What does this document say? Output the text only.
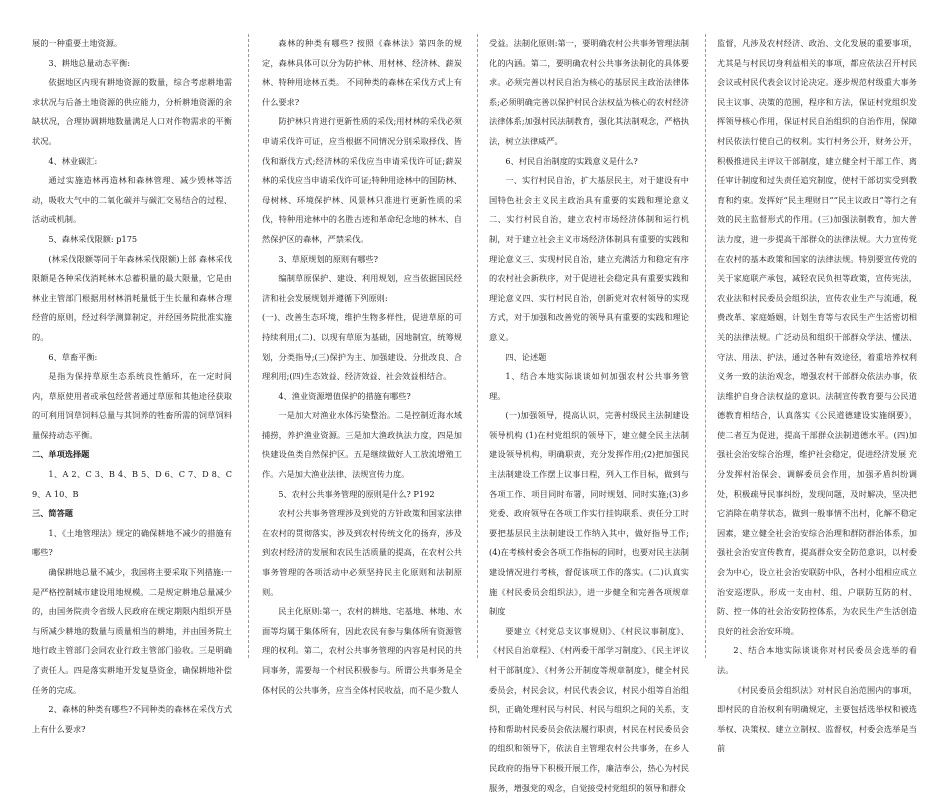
展的一种重要土地资源。

3、耕地总量动态平衡:

依据地区内现有耕地资源的数量，综合考虑耕地需求状况与后备土地资源的供应能力，分析耕地资源的余缺状况，合理协调耕地数量满足人口对作物需求的平衡状况。

4、林业碳汇:

通过实施造林再造林和森林管理、减少毁林等活动，吸收大气中的二氧化碳并与碳汇交易结合的过程、活动或机制。

5、森林采伐限额: p175

(林采伐限额等同于年森林采伐限额)上部 森林采伐限额是各种采伐消耗林木总蓄积量的最大限量，它是由林业主管部门根据用材林消耗量低于生长量和森林合理经营的原则，经过科学测算制定，并经国务院批准实施的。

6、草畜平衡:

是指为保持草原生态系统良性循环，在一定时间内，草原使用者或承包经营者通过草原和其他途径获取的可利用饲草饲料总量与其饲养的牲畜所需的饲草饲料量保持动态平衡。

二、单项选择题

1、A 2、C 3、B 4、B 5、D 6、C 7、D 8、C 9、A 10、B

三、简答题

1、《土地管理法》规定的确保耕地不减少的措施有哪些?

确保耕地总量不减少，我国将主要采取下列措施:一是严格控制城市建设用地规模。二是规定耕地总量减少的，由国务院责令省级人民政府在规定期限内组织开垦与所减少耕地的数量与质量相当的耕地，并由国务院土地行政主管部门会同农业行政主管部门验收。三是明确了责任人。四是落实耕地开发复垦资金，确保耕地补偿任务的完成。

2、森林的种类有哪些?不同种类的森林在采伐方式上有什么要求?

森林的种类有哪些? 按照《森林法》第四条的规定，森林具体可以分为防护林、用材林、经济林、薪炭林、特种用途林五类。 不同种类的森林在采伐方式上有什么要求?

防护林只肯进行更新性质的采伐;用材林的采伐必须申请采伐许可证，应当根据不同情况分别采取择伐、皆伐和渐伐方式;经济林的采伐应当申请采伐许可证;薪炭林的采伐应当申请采伐许可证;特种用途林中的国防林、母树林、环境保护林、风景林只准进行更新性质的采伐，特种用途林中的名胜古迹和革命纪念地的林木、自然保护区的森林，严禁采伐。

3、草原规划的原则有哪些?

编制草原保护、建设、利用规划，应当依据国民经济和社会发展规划并遵循下列原则:

(一)、改善生态环境，维护生物多样性，促进草原的可持续利用;(二)、以现有草原为基础，因地制宜，统筹规划，分类指导;(三)保护为主、加强建设、分批改良、合理利用;(四)生态效益、经济效益、社会效益相结合。

4、渔业资源增值保护的措施有哪些?

一是加大对渔业水体污染整治。二是控制近海水域捕捞，养护渔业资源。三是加大渔政执法力度，四是加快建设鱼类自然保护区。五是继续做好人工放流增殖工作。六是加大渔业法律、法规宣传力度。

5、农村公共事务管理的原则是什么? P192

农村公共事务管理涉及到党的方针政策和国家法律在农村的贯彻落实，涉及到农村传统文化的扬弃，涉及到农村经济的发展和农民生活质量的提高，在农村公共事务管理的各项活动中必须坚持民主化原则和法制原则。

民主化原则:第一，农村的耕地、宅基地、林地、水面等均属于集体所有，因此农民有参与集体所有资源管理的权利。第二，农村公共事务管理的内容是村民的共同事务，需要每一个村民积极参与。所谓公共事务是全体村民的公共事务，应当全体村民收益，而不是少数人

受益。法制化原则:第一，要明确农村公共事务管理法制化的内涵。第二，要明确农村公共事务法制化的具体要求。必须完善以村民自治为核心的基层民主政治法律体系;必须明确完善以保护村民合法权益为核心的农村经济法律体系;加强村民法制教育，强化其法制观念，严格执法，树立法律威严。

6、村民自治制度的实践意义是什么?

一、实行村民自治，扩大基层民主，对于建设有中国特色社会主义民主政治具有重要的实践和理论意义二、实行村民自治，建立农村市场经济体制和运行机制，对于建立社会主义市场经济体制具有重要的实践和理论意义三、实现村民自治，建立充满活力和稳定有序的农村社会新秩序，对于促进社会稳定具有重要实践和理论意义四、实行村民自治，创新党对农村领导的实现方式，对于加强和改善党的领导具有重要的实践和理论意义。

四、论述题

1、结合本地实际谈谈如何加强农村公共事务管理。

(一)加强领导，提高认识，完善村级民主法制建设领导机构 (1)在村党组织的领导下，建立健全民主法制建设领导机构，明确职责，充分发挥作用;(2)把加强民主法制建设工作摆上议事日程，列入工作目标，做到与各项工作、项目同时布署，同时规划、同时实施;(3)乡党委、政府领导在各项工作实行挂钩联系、责任分工时要把基层民主法制建设工作纳入其中，做好指导工作;(4)在考核村委会各项工作指标的同时，也要对民主法制建设情况进行考核，督促该项工作的落实。(二)认真实施《村民委员会组织法》，进一步健全和完善各项规章制度

要建立《村党总支议事规则》、《村民议事制度》、《村民自治章程》、《村两委干部学习制度》、《民主评议村干部制度》、《村务公开制度等规章制度》，健全村民委员会，村民会议，村民代表会议，村民小组等自治组织，正确处理村民与村民、村民与组织之间的关系，支持和帮助村民委员会依法履行职责，村民在村民委员会的组织和领导下，依法自主管理农村公共事务，在乡人民政府的指导下积极开展工作，廉洁奉公，热心为村民服务，增强党的观念，自觉接受村党组织的领导和群众

监督，凡涉及农村经济、政治、文化发展的重要事项，尤其是与村民切身利益相关的事项，都应依法召开村民会议或村民代表会议讨论决定。逐步规范村级重大事务民主议事、决策的范围，程序和方法，保证村党组织发挥领导核心作用，保证村民自治组织的自治作用，保障村民依法行使自己的权利。实行村务公开，财务公开，积极推进民主评议干部制度，建立健全村干部工作、离任审计制度和过失责任追究制度，使村干部切实受到教育和约束。发挥好“民主理财日”“民主议政日”等行之有效的民主监督形式的作用。(三)加强法制教育，加大普法力度，进一步提高干部群众的法律法规。大力宣传党在农村的基本政策和国家的法律法规。特别要宣传党的关于家庭联产承包，减轻农民负担等政策，宣传宪法，农业法和村民委员会组织法，宣传农业生产与流通，税费改革、家庭婚姻，计划生育等与农民生产生活密切相关的法律法规。广泛动员和组织干部群众学法、懂法、守法、用法、护法，通过各种有效途径，着重培养权利义务一致的法治观念，增强农村干部群众依法办事，依法维护自身合法权益的意识。法制宣传教育要与公民道德教育相结合，认真落实《公民道德建设实施纲要》，使二者互为促进，提高干部群众法制道德水平。(四)加强社会治安综合治理，维护社会稳定，促进经济发展 充分发挥村治保会、调解委员会作用，加强矛盾纠纷调处，积极疏导民事纠纷，发现问题，及时解决，坚决把它消除在萌芽状态，做到一般事情不出村，化解不稳定因素，建立健全社会治安综合治理和群防群治体系，加强社会治安宣传教育，提高群众安全防范意识，以村委会为中心，设立社会治安联防中队，各村小组相应成立治安巡逻队，形成一支由村、组、户联防互防的村、防、控一体的社会治安防控体系，为农民生产生活创造良好的社会治安环境。

2、结合本地实际谈谈你对村民委员会选举的看法。

《村民委员会组织法》对村民自治范围内的事项，即村民的自治权利有明确规定，主要包括选举权和被选举权、决策权、建立立制权、监督权，村委会选举是当前
